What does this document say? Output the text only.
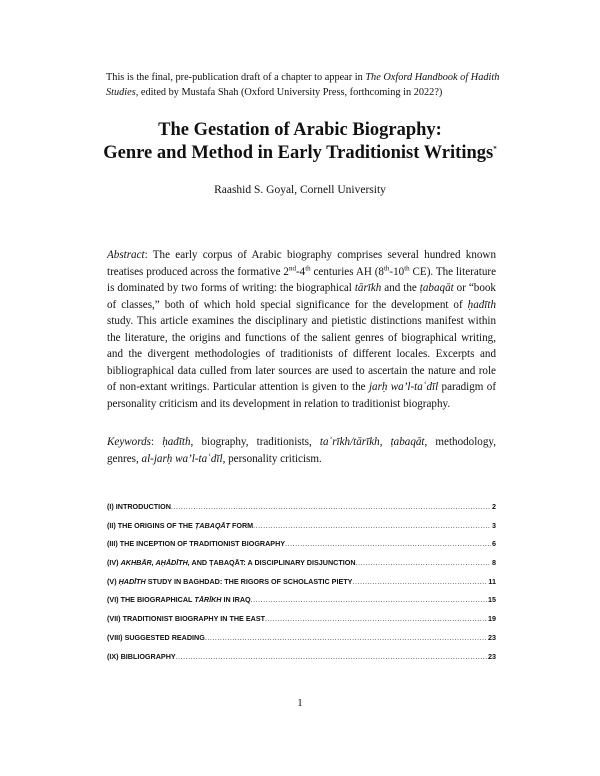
This is the final, pre-publication draft of a chapter to appear in The Oxford Handbook of Hadith Studies, edited by Mustafa Shah (Oxford University Press, forthcoming in 2022?)
The Gestation of Arabic Biography:
Genre and Method in Early Traditionist Writings*
Raashid S. Goyal, Cornell University
Abstract: The early corpus of Arabic biography comprises several hundred known treatises produced across the formative 2nd-4th centuries AH (8th-10th CE). The literature is dominated by two forms of writing: the biographical tārīkh and the ṭabaqāt or “book of classes,” both of which hold special significance for the development of ḥadīth study. This article examines the disciplinary and pietistic distinctions manifest within the literature, the origins and functions of the salient genres of biographical writing, and the divergent methodologies of traditionists of different locales. Excerpts and bibliographical data culled from later sources are used to ascertain the nature and role of non-extant writings. Particular attention is given to the jarḥ wa’l-taʿdīl paradigm of personality criticism and its development in relation to traditionist biography.
Keywords: ḥadīth, biography, traditionists, taʾrīkh/tārīkh, ṭabaqāt, methodology, genres, al-jarḥ wa’l-taʿdīl, personality criticism.
(I) INTRODUCTION .....	2
(II) THE ORIGINS OF THE ṬABAQĀT FORM .....	3
(III) THE INCEPTION OF TRADITIONIST BIOGRAPHY .....	6
(IV) AKHBĀR, AḤĀDĪTH, AND ṬABAQĀT: A DISCIPLINARY DISJUNCTION .....	8
(V) ḤADĪTH STUDY IN BAGHDAD: THE RIGORS OF SCHOLASTIC PIETY .....	11
(VI) THE BIOGRAPHICAL TĀRĪKH IN IRAQ .....	15
(VII) TRADITIONIST BIOGRAPHY IN THE EAST .....	19
(VIII) SUGGESTED READING .....	23
(IX) BIBLIOGRAPHY .....	23
1
